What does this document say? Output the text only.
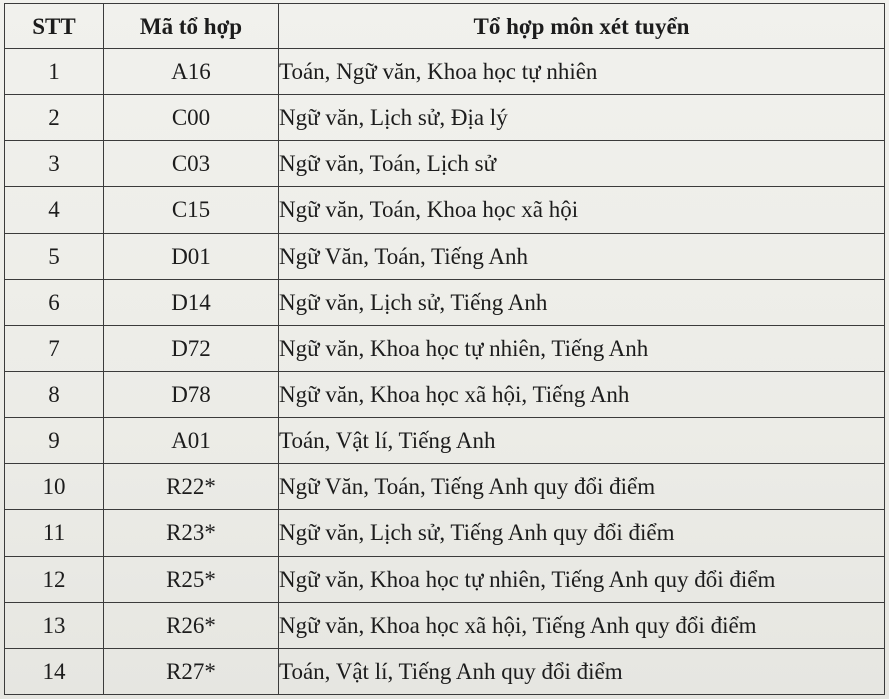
STT	Mã tổ hợp	Tổ hợp môn xét tuyển
1	A16	Toán, Ngữ văn, Khoa học tự nhiên
2	C00	Ngữ văn, Lịch sử, Địa lý
3	C03	Ngữ văn, Toán, Lịch sử
4	C15	Ngữ văn, Toán, Khoa học xã hội
5	D01	Ngữ Văn, Toán, Tiếng Anh
6	D14	Ngữ văn, Lịch sử, Tiếng Anh
7	D72	Ngữ văn, Khoa học tự nhiên, Tiếng Anh
8	D78	Ngữ văn, Khoa học xã hội, Tiếng Anh
9	A01	Toán, Vật lí, Tiếng Anh
10	R22*	Ngữ Văn, Toán, Tiếng Anh quy đổi điểm
11	R23*	Ngữ văn, Lịch sử, Tiếng Anh quy đổi điểm
12	R25*	Ngữ văn, Khoa học tự nhiên, Tiếng Anh quy đổi điểm
13	R26*	Ngữ văn, Khoa học xã hội, Tiếng Anh quy đổi điểm
14	R27*	Toán, Vật lí, Tiếng Anh quy đổi điểm
